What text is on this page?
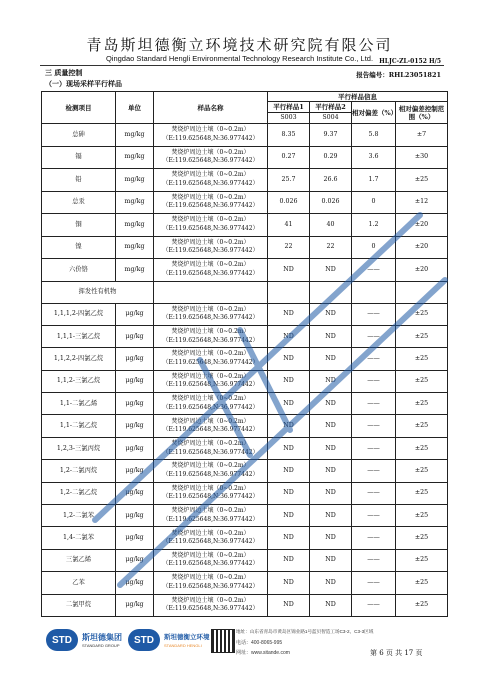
青岛斯坦德衡立环境技术研究院有限公司
Qingdao Standard Hengli Environmental Technology Research Institute Co., Ltd.	HLJC-ZL-0152 H/5
三 质量控制	报告编号：RHL23051821
（一）现场采样平行样品
检测项目	单位	样品名称	平行样品信息			
			平行样品1	平行样品2	相对偏差（%）	相对偏差控制范围（%）
			S003	S004		
总砷	mg/kg	焚烧炉周边土壤（0~0.2m）
（E:119.625648,N:36.977442）	8.35	9.37	5.8	±7
镉	mg/kg	焚烧炉周边土壤（0~0.2m）
（E:119.625648,N:36.977442）	0.27	0.29	3.6	±30
铅	mg/kg	焚烧炉周边土壤（0~0.2m）
（E:119.625648,N:36.977442）	25.7	26.6	1.7	±25
总汞	mg/kg	焚烧炉周边土壤（0~0.2m）
（E:119.625648,N:36.977442）	0.026	0.026	0	±12
铜	mg/kg	焚烧炉周边土壤（0~0.2m）
（E:119.625648,N:36.977442）	41	40	1.2	±20
镍	mg/kg	焚烧炉周边土壤（0~0.2m）
（E:119.625648,N:36.977442）	22	22	0	±20
六价铬	mg/kg	焚烧炉周边土壤（0~0.2m）
（E:119.625648,N:36.977442）	ND	ND	——	±20
挥发性有机物						
1,1,1,2-四氯乙烷	μg/kg	焚烧炉周边土壤（0~0.2m）
（E:119.625648,N:36.977442）	ND	ND	——	±25
1,1,1-三氯乙烷	μg/kg	焚烧炉周边土壤（0~0.2m）
（E:119.625648,N:36.977442）	ND	ND	——	±25
1,1,2,2-四氯乙烷	μg/kg	焚烧炉周边土壤（0~0.2m）
（E:119.625648,N:36.977442）	ND	ND	——	±25
1,1,2-三氯乙烷	μg/kg	焚烧炉周边土壤（0~0.2m）
（E:119.625648,N:36.977442）	ND	ND	——	±25
1,1-二氯乙烯	μg/kg	焚烧炉周边土壤（0~0.2m）
（E:119.625648,N:36.977442）	ND	ND	——	±25
1,1-二氯乙烷	μg/kg	焚烧炉周边土壤（0~0.2m）
（E:119.625648,N:36.977442）	ND	ND	——	±25
1,2,3-三氯丙烷	μg/kg	焚烧炉周边土壤（0~0.2m）
（E:119.625648,N:36.977442）	ND	ND	——	±25
1,2-二氯丙烷	μg/kg	焚烧炉周边土壤（0~0.2m）
（E:119.625648,N:36.977442）	ND	ND	——	±25
1,2-二氯乙烷	μg/kg	焚烧炉周边土壤（0~0.2m）
（E:119.625648,N:36.977442）	ND	ND	——	±25
1,2-二氯苯	μg/kg	焚烧炉周边土壤（0~0.2m）
（E:119.625648,N:36.977442）	ND	ND	——	±25
1,4-二氯苯	μg/kg	焚烧炉周边土壤（0~0.2m）
（E:119.625648,N:36.977442）	ND	ND	——	±25
三氯乙烯	μg/kg	焚烧炉周边土壤（0~0.2m）
（E:119.625648,N:36.977442）	ND	ND	——	±25
乙苯	μg/kg	焚烧炉周边土壤（0~0.2m）
（E:119.625648,N:36.977442）	ND	ND	——	±25
二氯甲烷	μg/kg	焚烧炉周边土壤（0~0.2m）
（E:119.625648,N:36.977442）	ND	ND	——	±25
STD	斯坦德集团
STANDARD GROUP	STD	斯坦德衡立环境
STANDARD HENGLI
地址：山东省青岛市黄岛区锦业路1号蓝贝智造工场C3-2、C3-3区域
电话：400-8065-995
网址：www.sitande.com	第 6 页 共 17 页
